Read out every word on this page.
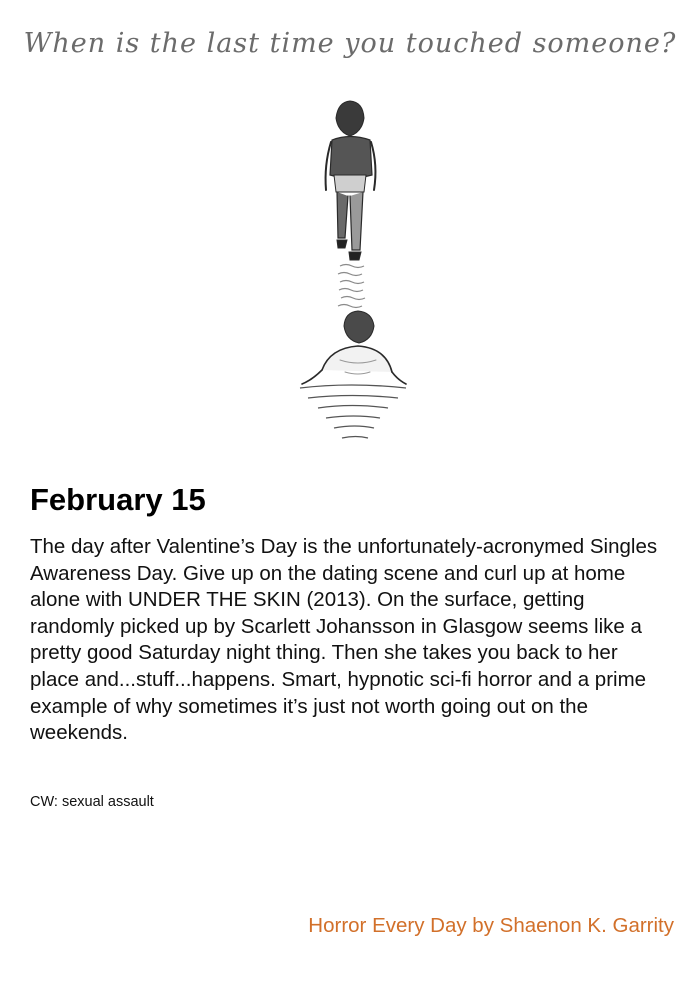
When is the last time you touched someone?
February 15

The day after Valentine’s Day is the unfortunately-acronymed Singles Awareness Day. Give up on the dating scene and curl up at home alone with UNDER THE SKIN (2013). On the surface, getting randomly picked up by Scarlett Johansson in Glasgow seems like a pretty good Saturday night thing. Then she takes you back to her place and...stuff...happens. Smart, hypnotic sci-fi horror and a prime example of why sometimes it’s just not worth going out on the weekends.

CW: sexual assault

Horror Every Day by Shaenon K. Garrity
